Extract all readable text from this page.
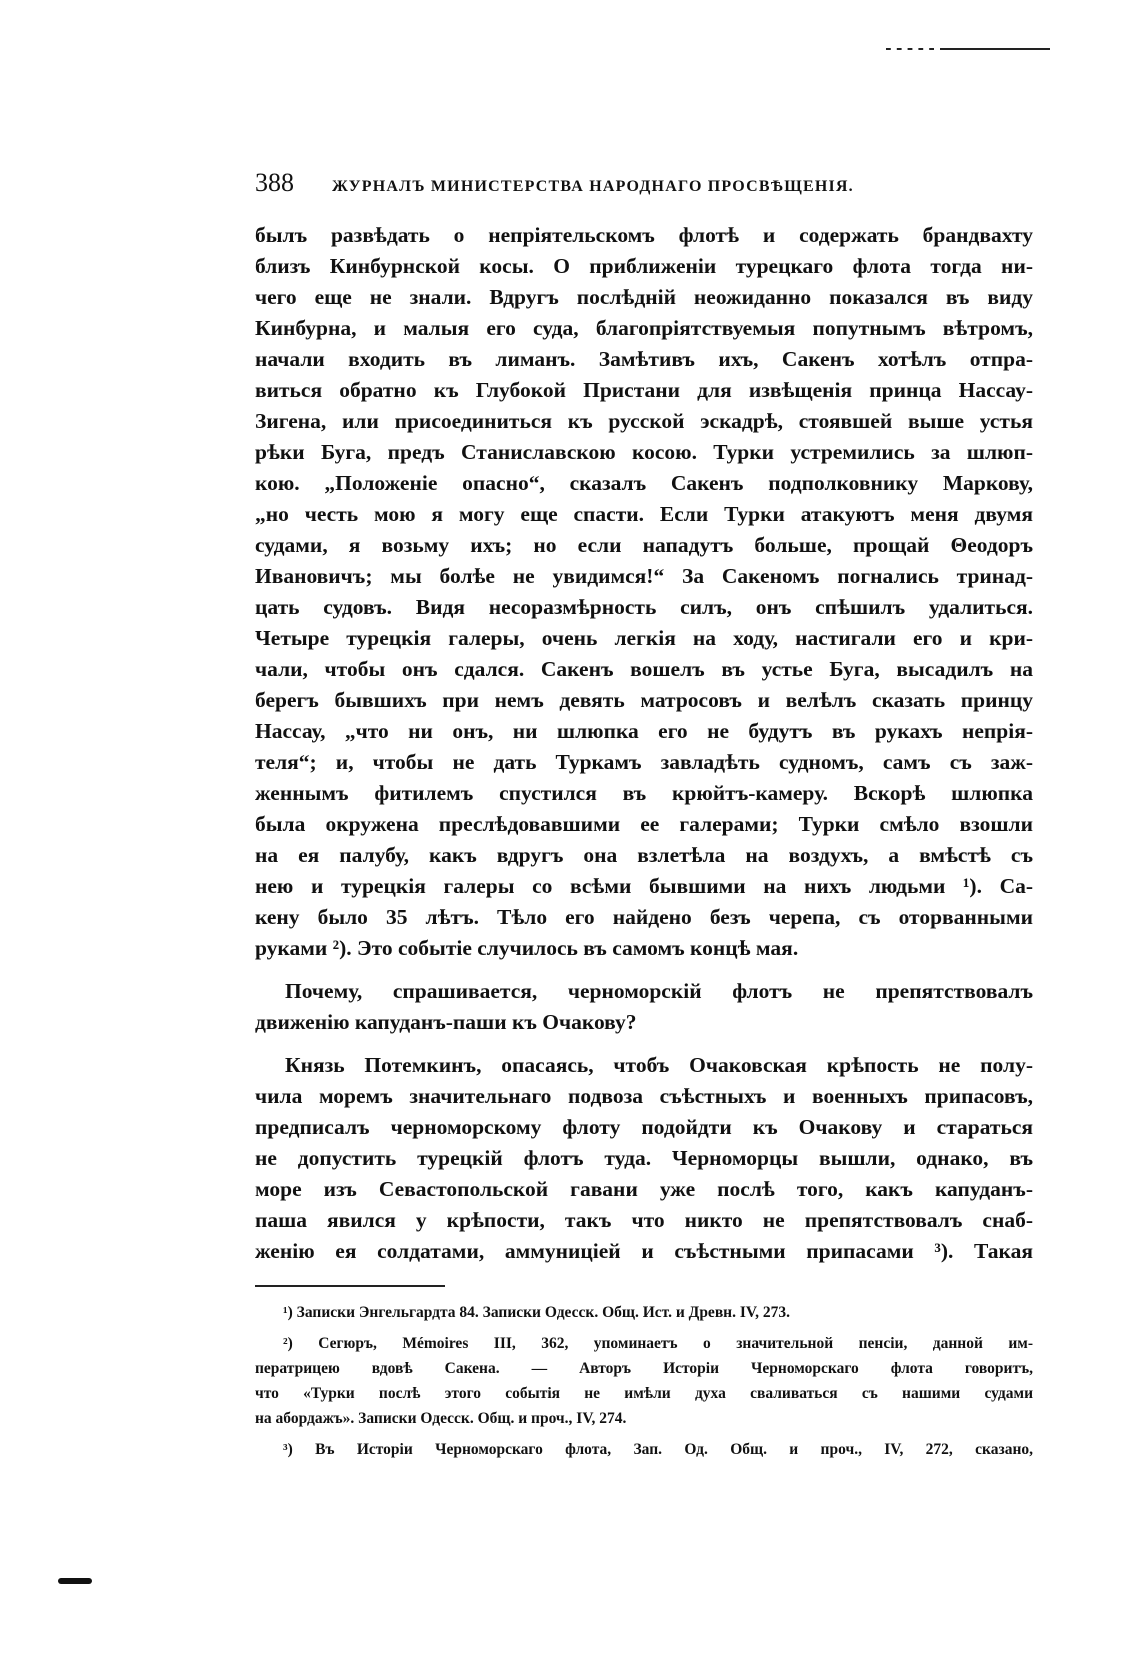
388 ЖУРНАЛЪ МИНИСТЕРСТВА НАРОДНАГО ПРОСВѢЩЕНІЯ.
былъ развѣдать о непріятельскомъ флотѣ и содержать брандвахту
близъ Кинбурнской косы. О приближеніи турецкаго флота тогда ни-
чего еще не знали. Вдругъ послѣдній неожиданно показался въ виду
Кинбурна, и малыя его суда, благопріятствуемыя попутнымъ вѣтромъ,
начали входить въ лиманъ. Замѣтивъ ихъ, Сакенъ хотѣлъ отпра-
виться обратно къ Глубокой Пристани для извѣщенія принца Нассау-
Зигена, или присоединиться къ русской эскадрѣ, стоявшей выше устья
рѣки Буга, предъ Станиславскою косою. Турки устремились за шлюп-
кою. „Положеніе опасно“, сказалъ Сакенъ подполковнику Маркову,
„но честь мою я могу еще спасти. Если Турки атакуютъ меня двумя
судами, я возьму ихъ; но если нападутъ больше, прощай Θеодоръ
Ивановичъ; мы болѣе не увидимся!“ За Сакеномъ погнались тринад-
цать судовъ. Видя несоразмѣрность силъ, онъ спѣшилъ удалиться.
Четыре турецкія галеры, очень легкія на ходу, настигали его и кри-
чали, чтобы онъ сдался. Сакенъ вошелъ въ устье Буга, высадилъ на
берегъ бывшихъ при немъ девять матросовъ и велѣлъ сказать принцу
Нассау, „что ни онъ, ни шлюпка его не будутъ въ рукахъ непрія-
теля“; и, чтобы не дать Туркамъ завладѣть судномъ, самъ съ заж-
женнымъ фитилемъ спустился въ крюйтъ-камеру. Вскорѣ шлюпка
была окружена преслѣдовавшими ее галерами; Турки смѣло взошли
на ея палубу, какъ вдругъ она взлетѣла на воздухъ, а вмѣстѣ съ
нею и турецкія галеры со всѣми бывшими на нихъ людьми ¹). Са-
кену было 35 лѣтъ. Тѣло его найдено безъ черепа, съ оторванными
руками ²). Это событіе случилось въ самомъ концѣ мая.
Почему, спрашивается, черноморскій флотъ не препятствовалъ
движенію капуданъ-паши къ Очакову?
Князь Потемкинъ, опасаясь, чтобъ Очаковская крѣпость не полу-
чила моремъ значительнаго подвоза съѣстныхъ и военныхъ припасовъ,
предписалъ черноморскому флоту подойдти къ Очакову и стараться
не допустить турецкій флотъ туда. Черноморцы вышли, однако, въ
море изъ Севастопольской гавани уже послѣ того, какъ капуданъ-
паша явился у крѣпости, такъ что никто не препятствовалъ снаб-
женію ея солдатами, аммуниціей и съѣстными припасами ³). Такая
¹) Записки Энгельгардта 84. Записки Одесск. Общ. Ист. и Древн. IV, 273.
²) Сегюръ, Mémoires III, 362, упоминаетъ о значительной пенсіи, данной им-
ператрицею вдовѣ Сакена. — Авторъ Исторіи Черноморскаго флота говоритъ,
что «Турки послѣ этого событія не имѣли духа сваливаться съ нашими судами
на абордажъ». Записки Одесск. Общ. и проч., IV, 274.
³) Въ Исторіи Черноморскаго флота, Зап. Од. Общ. и проч., IV, 272, сказано,
